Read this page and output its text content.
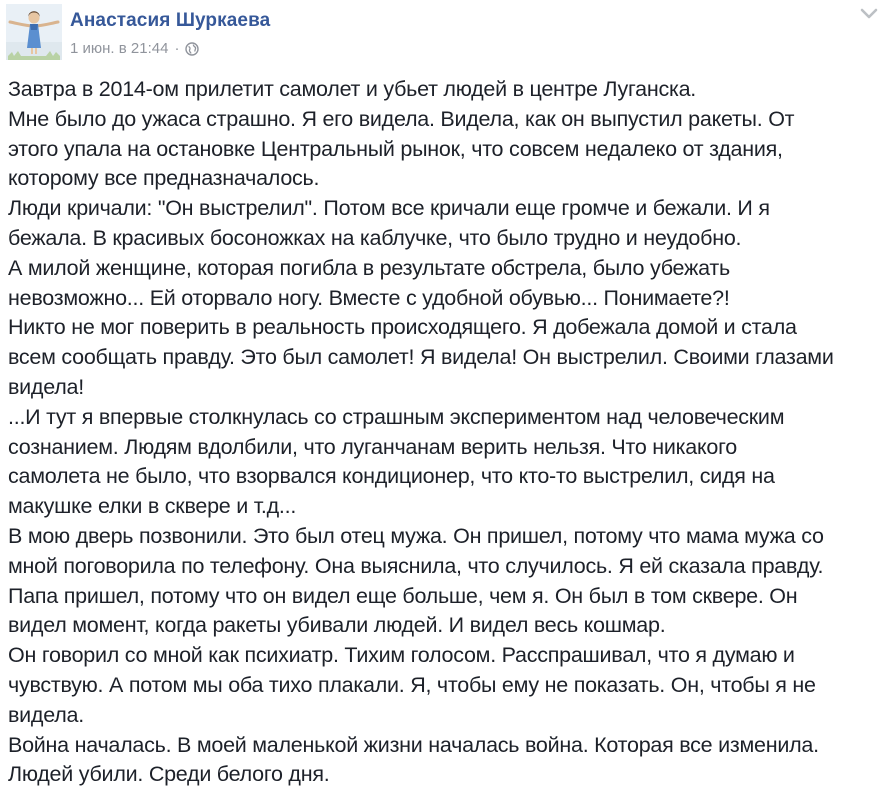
Анастасия Шуркаева
1 июн. в 21:44 ·
Завтра в 2014-ом прилетит самолет и убьет людей в центре Луганска.
Мне было до ужаса страшно. Я его видела. Видела, как он выпустил ракеты. От
этого упала на остановке Центральный рынок, что совсем недалеко от здания,
которому все предназначалось.
Люди кричали: "Он выстрелил". Потом все кричали еще громче и бежали. И я
бежала. В красивых босоножках на каблучке, что было трудно и неудобно.
А милой женщине, которая погибла в результате обстрела, было убежать
невозможно... Ей оторвало ногу. Вместе с удобной обувью... Понимаете?!
Никто не мог поверить в реальность происходящего. Я добежала домой и стала
всем сообщать правду. Это был самолет! Я видела! Он выстрелил. Своими глазами
видела!
...И тут я впервые столкнулась со страшным экспериментом над человеческим
сознанием. Людям вдолбили, что луганчанам верить нельзя. Что никакого
самолета не было, что взорвался кондиционер, что кто-то выстрелил, сидя на
макушке елки в сквере и т.д...
В мою дверь позвонили. Это был отец мужа. Он пришел, потому что мама мужа со
мной поговорила по телефону. Она выяснила, что случилось. Я ей сказала правду.
Папа пришел, потому что он видел еще больше, чем я. Он был в том сквере. Он
видел момент, когда ракеты убивали людей. И видел весь кошмар.
Он говорил со мной как психиатр. Тихим голосом. Расспрашивал, что я думаю и
чувствую. А потом мы оба тихо плакали. Я, чтобы ему не показать. Он, чтобы я не
видела.
Война началась. В моей маленькой жизни началась война. Которая все изменила.
Людей убили. Среди белого дня.
